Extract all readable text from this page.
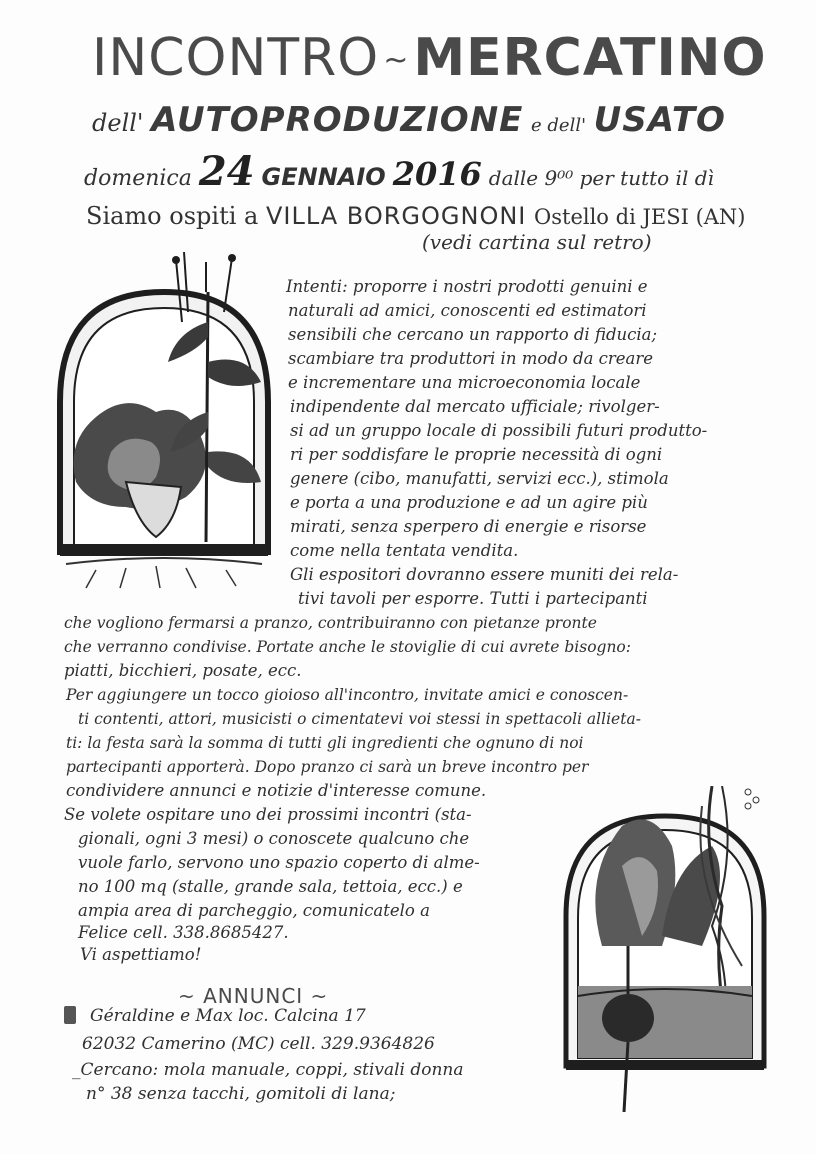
INCONTRO ~MERCATINO
dell' AUTOPRODUZIONE e dell' USATO
domenica 24 GENNAIO 2016 dalle 9⁰⁰ per tutto il dì
Siamo ospiti a VILLA BORGOGNONI Ostello di JESI (AN)
(vedi cartina sul retro)
Intenti: proporre i nostri prodotti genuini e
naturali ad amici, conoscenti ed estimatori
sensibili che cercano un rapporto di fiducia;
scambiare tra produttori in modo da creare
e incrementare una microeconomia locale
indipendente dal mercato ufficiale; rivolger-
si ad un gruppo locale di possibili futuri produtto-
ri per soddisfare le proprie necessità di ogni
genere (cibo, manufatti, servizi ecc.), stimola
e porta a una produzione e ad un agire più
mirati, senza sperpero di energie e risorse
come nella tentata vendita.
Gli espositori dovranno essere muniti dei rela-
tivi tavoli per esporre. Tutti i partecipanti
che vogliono fermarsi a pranzo, contribuiranno con pietanze pronte
che verranno condivise. Portate anche le stoviglie di cui avrete bisogno:
piatti, bicchieri, posate, ecc.
Per aggiungere un tocco gioioso all'incontro, invitate amici e conoscen-
ti contenti, attori, musicisti o cimentatevi voi stessi in spettacoli allieta-
ti: la festa sarà la somma di tutti gli ingredienti che ognuno di noi
partecipanti apporterà. Dopo pranzo ci sarà un breve incontro per
condividere annunci e notizie d'interesse comune.
Se volete ospitare uno dei prossimi incontri (sta-
gionali, ogni 3 mesi) o conoscete qualcuno che
vuole farlo, servono uno spazio coperto di alme-
no 100 mq (stalle, grande sala, tettoia, ecc.) e
ampia area di parcheggio, comunicatelo a
Felice cell. 338.8685427.
Vi aspettiamo!
~ ANNUNCI ~
Géraldine e Max loc. Calcina 17
62032 Camerino (MC) cell. 329.9364826
_Cercano: mola manuale, coppi, stivali donna
n° 38 senza tacchi, gomitoli di lana;
